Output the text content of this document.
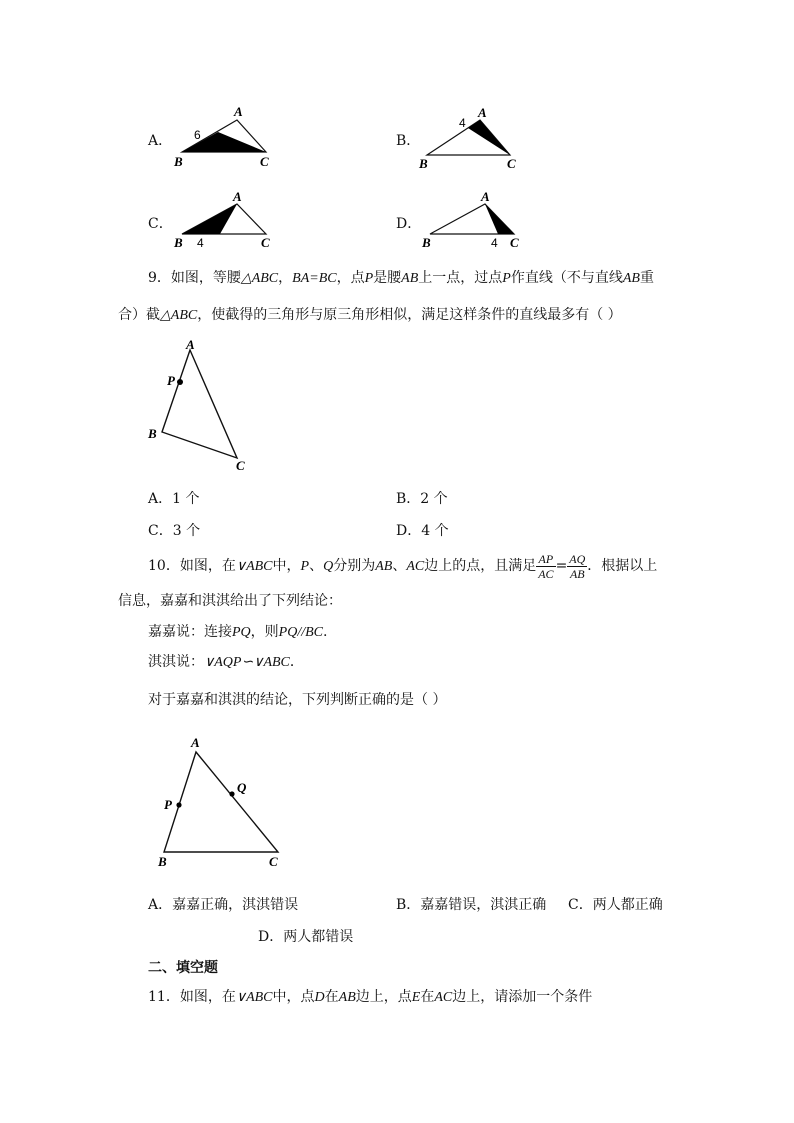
A．
A
B	C
6	B．
A
B	C
4
C．
A
B	C
4
D．
A
B	C
4
9．如图，等腰△ABC，BA=BC，点P是腰AB上一点，过点P作直线（不与直线AB重
合）截△ABC，使截得的三角形与原三角形相似，满足这样条件的直线最多有（ ）
A
P
B
C
A．1 个	B．2 个
C．3 个	D．4 个
10．如图，在∨ABC中，P、Q分别为AB、AC边上的点，且满足 $\frac{AP}{AC} = \frac{AQ}{AB}$ ．根据以上
信息，嘉嘉和淇淇给出了下列结论：
嘉嘉说：连接PQ，则PQ//BC.
淇淇说：∨AQP∽∨ABC．
对于嘉嘉和淇淇的结论，下列判断正确的是（ ）
A
P
Q
B	C
A．嘉嘉正确，淇淇错误	B．嘉嘉错误，淇淇正确 C．两人都正确
D．两人都错误
二、填空题
11．如图，在∨ABC中，点D在AB边上，点E在AC边上，请添加一个条件
